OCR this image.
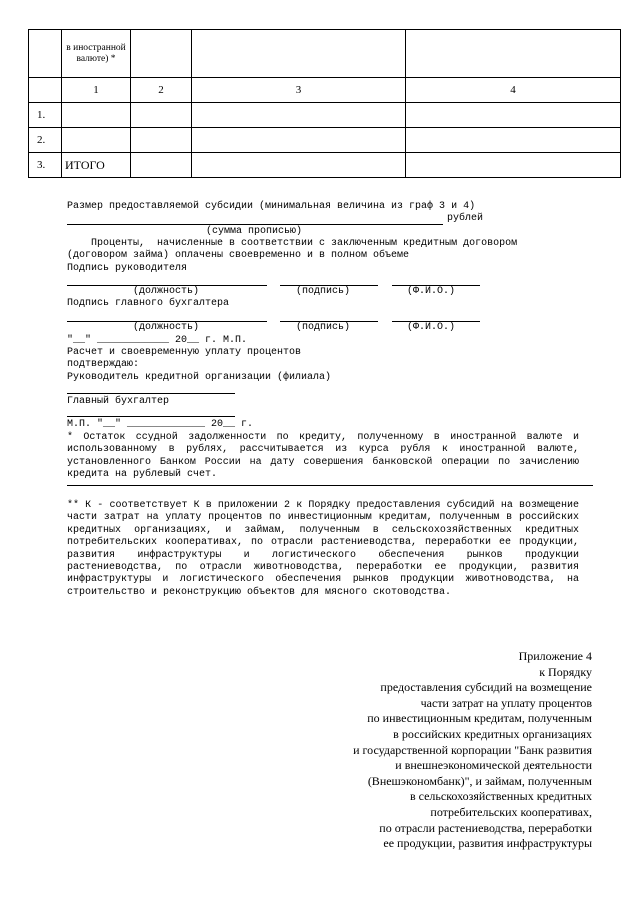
	в иностранной валюте) *			
	1	2	3	4
1.				
2.				
3.	ИТОГО			
Размер предоставляемой субсидии (минимальная величина из граф 3 и 4)
рублей
(сумма прописью)
Проценты,  начисленные в соответствии с заключенным кредитным договором
(договором займа) оплачены своевременно и в полном объеме
Подпись руководителя
(должность)	(подпись)	(Ф.И.О.)
Подпись главного бухгалтера
(должность)	(подпись)	(Ф.И.О.)
"__" ____________ 20__ г. М.П.
Расчет и своевременную уплату процентов
подтверждаю:
Руководитель кредитной организации (филиала)
Главный бухгалтер
М.П. "__" _____________ 20__ г.
* Остаток ссудной задолженности по кредиту, полученному в иностранной валюте и использованному в рублях, рассчитывается из курса рубля к иностранной валюте, установленного Банком России на дату совершения банковской операции по зачислению кредита на рублевый счет.
** К - соответствует К в приложении 2 к Порядку предоставления субсидий на возмещение части затрат на уплату процентов по инвестиционным кредитам, полученным в российских кредитных организациях, и займам, полученным в сельскохозяйственных кредитных потребительских кооперативах, по отрасли растениеводства, переработки ее продукции, развития инфраструктуры и логистического обеспечения рынков продукции растениеводства, по отрасли животноводства, переработки ее продукции, развития инфраструктуры и логистического обеспечения рынков продукции животноводства, на строительство и реконструкцию объектов для мясного скотоводства.
Приложение 4
к Порядку
предоставления субсидий на возмещение
части затрат на уплату процентов
по инвестиционным кредитам, полученным
в российских кредитных организациях
и государственной корпорации "Банк развития
и внешнеэкономической деятельности
(Внешэкономбанк)", и займам, полученным
в сельскохозяйственных кредитных
потребительских кооперативах,
по отрасли растениеводства, переработки
ее продукции, развития инфраструктуры
